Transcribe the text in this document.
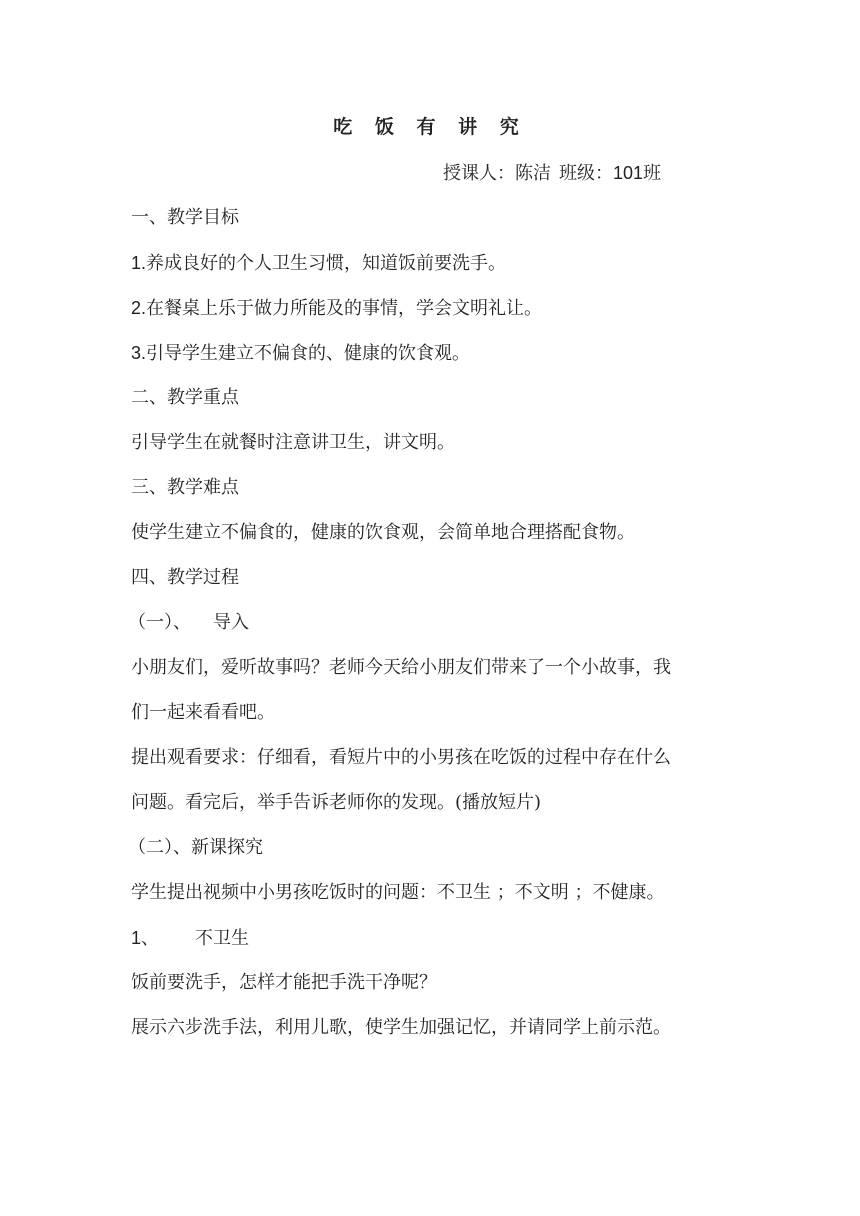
吃 饭 有 讲 究
授课人：陈洁 班级：101班
一、教学目标
1.养成良好的个人卫生习惯，知道饭前要洗手。
2.在餐桌上乐于做力所能及的事情，学会文明礼让。
3.引导学生建立不偏食的、健康的饮食观。
二、教学重点
引导学生在就餐时注意讲卫生，讲文明。
三、教学难点
使学生建立不偏食的，健康的饮食观，会简单地合理搭配食物。
四、教学过程
（一）、 导入
小朋友们，爱听故事吗？老师今天给小朋友们带来了一个小故事，我
们一起来看看吧。
提出观看要求：仔细看，看短片中的小男孩在吃饭的过程中存在什么
问题。看完后，举手告诉老师你的发现。(播放短片)
（二）、新课探究
学生提出视频中小男孩吃饭时的问题：不卫生 ；不文明 ；不健康。
1、 不卫生
饭前要洗手，怎样才能把手洗干净呢？
展示六步洗手法，利用儿歌，使学生加强记忆，并请同学上前示范。
